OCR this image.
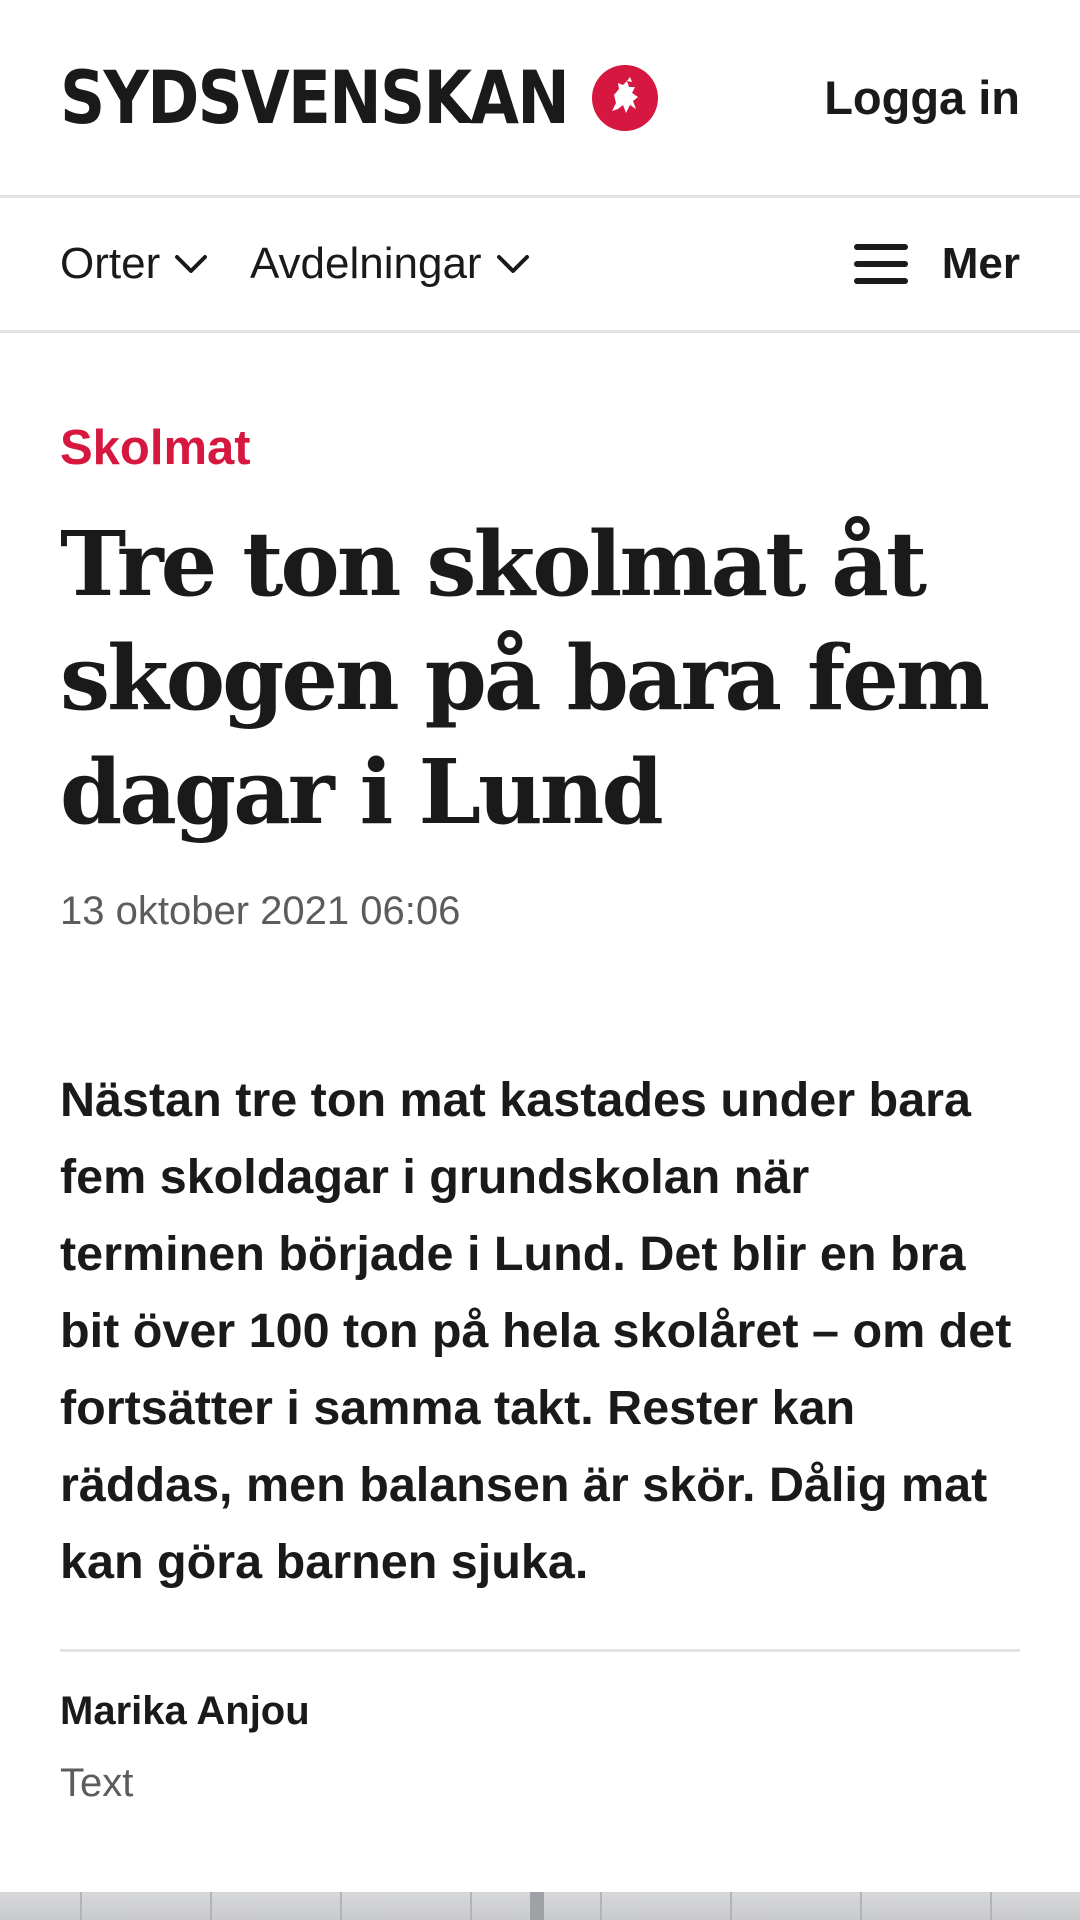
SYDSVENSKAN	Logga in
Orter Avdelningar	Mer
Skolmat
Tre ton skolmat åt skogen på bara fem dagar i Lund
13 oktober 2021 06:06

Nästan tre ton mat kastades under bara fem skoldagar i grundskolan när terminen började i Lund. Det blir en bra bit över 100 ton på hela skolåret – om det fortsätter i samma takt. Rester kan räddas, men balansen är skör. Dålig mat kan göra barnen sjuka.

Marika Anjou
Text
